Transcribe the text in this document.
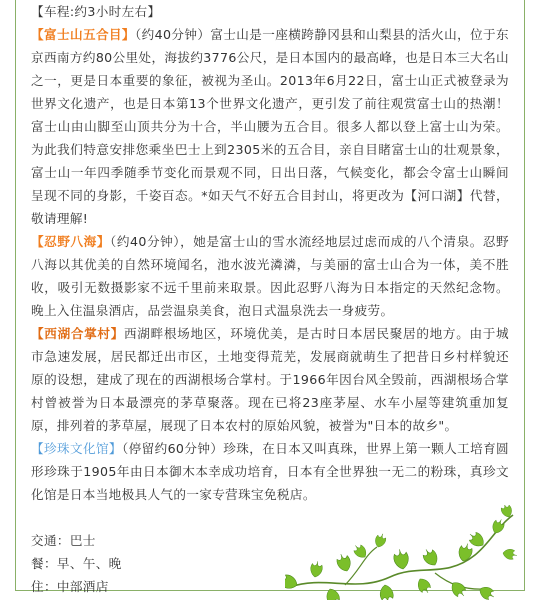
【车程:约3小时左右】

【富士山五合目】（约40分钟）富士山是一座横跨静冈县和山梨县的活火山，位于东京西南方约80公里处，海拔约3776公尺，是日本国内的最高峰，也是日本三大名山之一，更是日本重要的象征，被视为圣山。2013年6月22日，富士山正式被登录为世界文化遗产，也是日本第13个世界文化遗产，更引发了前往观赏富士山的热潮！富士山由山脚至山顶共分为十合，半山腰为五合目。很多人都以登上富士山为荣。为此我们特意安排您乘坐巴士上到2305米的五合目，亲自目睹富士山的壮观景象，富士山一年四季随季节变化而景观不同，日出日落，气候变化，都会令富士山瞬间呈现不同的身影，千姿百态。*如天气不好五合目封山，将更改为【河口湖】代替，敬请理解!

【忍野八海】（约40分钟），她是富士山的雪水流经地层过虑而成的八个清泉。忍野八海以其优美的自然环境闻名，池水波光潾潾，与美丽的富士山合为一体，美不胜收，吸引无数摄影家不远千里前来取景。因此忍野八海为日本指定的天然纪念物。晚上入住温泉酒店，品尝温泉美食，泡日式温泉洗去一身疲劳。

【西湖合掌村】西湖畔根场地区，环境优美，是古时日本居民聚居的地方。由于城市急速发展，居民都迁出市区，土地变得荒芜，发展商就萌生了把昔日乡村样貌还原的设想，建成了现在的西湖根场合掌村。于1966年因台风全毁前，西湖根场合掌村曾被誉为日本最漂亮的茅草聚落。现在已将23座茅屋、水车小屋等建筑重加复原，排列着的茅草屋，展现了日本农村的原始风貌，被誉为"日本的故乡"。

【珍珠文化馆】（停留约60分钟）珍珠，在日本又叫真珠，世界上第一颗人工培育圆形珍珠于1905年由日本御木本幸成功培育，日本有全世界独一无二的粉珠，真珍文化馆是日本当地极具人气的一家专营珠宝免税店。

交通：巴士

餐：早、午、晚

住：中部酒店
